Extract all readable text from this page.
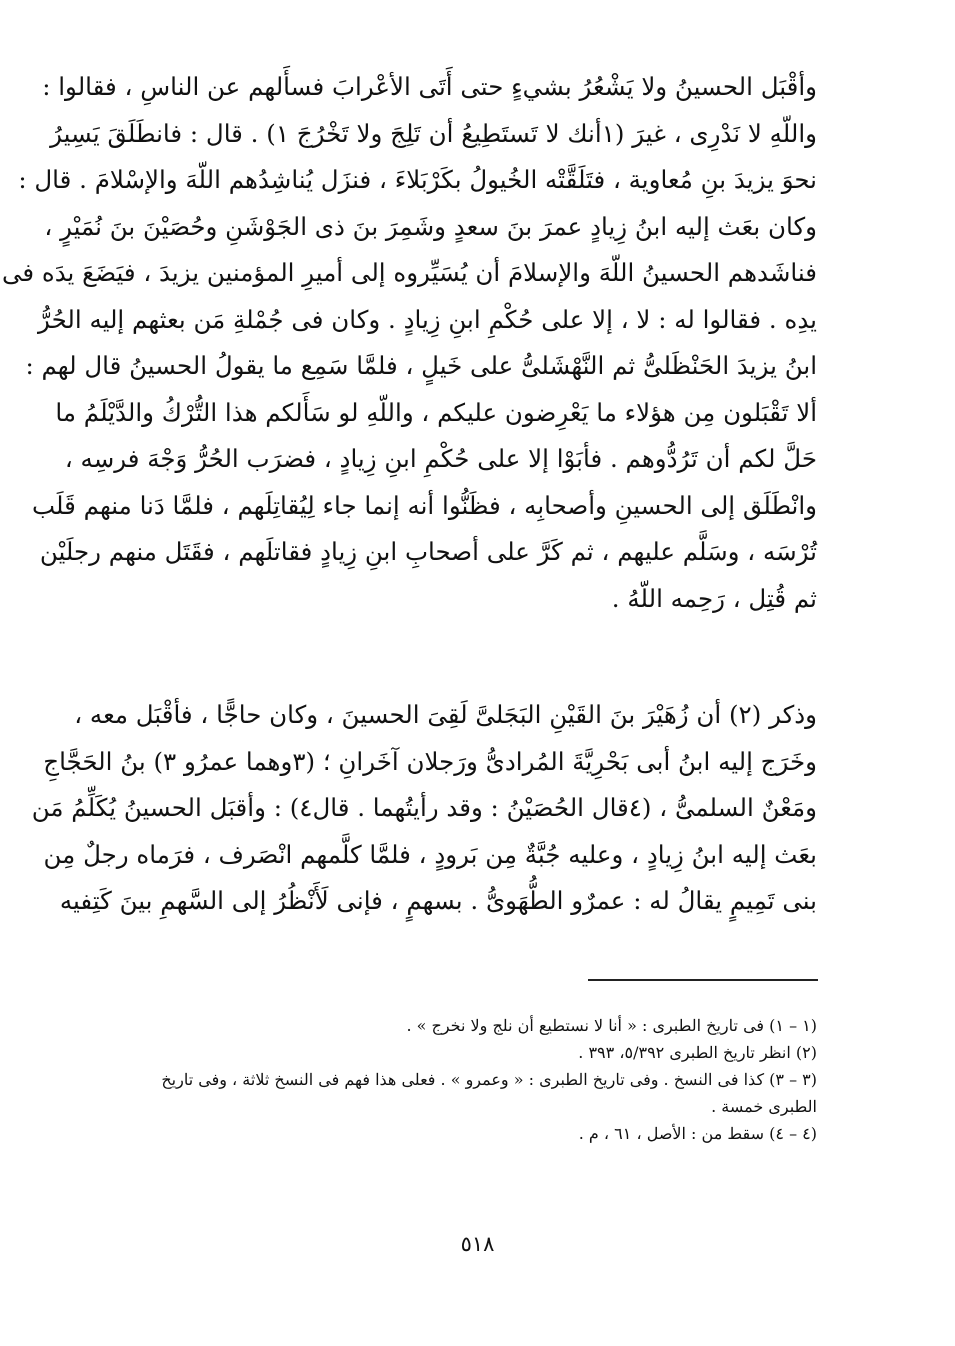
وأقْبَل الحسينُ ولا يَشْعُرُ بشيءٍ حتى أَتَى الأعْرابَ فسأَلهم عن الناسِ ، فقالوا :
واللّهِ لا نَدْرِى ، غيرَ (١أنك لا تَستَطِيعُ أن تَلِجَ ولا تَخْرُجَ ١) . قال : فانطَلَقَ يَسِيرُ
نحوَ يزيدَ بنِ مُعاوية ، فتَلَقَّتْه الخُيولُ بكَرْبَلاءَ ، فنزَل يُناشِدُهم اللّهَ والإسْلامَ . قال :
وكان بعَث إليه ابنُ زِيادٍ عمرَ بنَ سعدٍ وشَمِرَ بنَ ذى الجَوْشَنِ وحُصَيْنَ بنَ نُمَيْرٍ ،
فناشَدهم الحسينُ اللّهَ والإسلامَ أن يُسَيِّروه إلى أميرِ المؤمنين يزيدَ ، فيَضَعَ يدَه فى
يدِه . فقالوا له : لا ، إلا على حُكْمِ ابنِ زِيادٍ . وكان فى جُمْلةِ مَن بعثهم إليه الحُرُّ
ابنُ يزيدَ الحَنْظَلىُّ ثم النَّهْشَلىُّ على خَيلٍ ، فلمَّا سَمِع ما يقولُ الحسينُ قال لهم :
ألا تَقْبَلون مِن هؤلاء ما يَعْرِضون عليكم ، واللّهِ لو سَأَلكم هذا التُّرْكُ والدَّيْلَمُ ما
حَلَّ لكم أن تَرُدُّوهم . فأبَوْا إلا على حُكْمِ ابنِ زِيادٍ ، فضرَب الحُرُّ وَجْهَ فرسِه ،
وانْطَلَق إلى الحسينِ وأصحابِه ، فظَنُّوا أنه إنما جاء لِيُقاتِلَهم ، فلمَّا دَنا منهم قَلَب
تُرْسَه ، وسَلَّم عليهم ، ثم كَرَّ على أصحابِ ابنِ زِيادٍ فقاتلَهم ، فقَتَل منهم رجلَيْن
ثم قُتِل ، رَحِمه اللّهُ .
وذكر (٢) أن زُهَيْرَ بنَ القَيْنِ البَجَلىَّ لَقِىَ الحسينَ ، وكان حاجًّا ، فأقْبَل معه ،
وخَرَج إليه ابنُ أبى بَحْرِيَّةَ المُرادىُّ ورَجلان آخَرانِ ؛ (٣وهما عمرُو ٣) بنُ الحَجَّاجِ
ومَعْنٌ السلمىُّ ، (٤قال الحُصَيْنُ : وقد رأيتُهما . قال٤) : وأقبَل الحسينُ يُكَلِّمُ مَن
بعَث إليه ابنُ زِيادٍ ، وعليه جُبَّةٌ مِن بَرودٍ ، فلمَّا كلَّمهم انْصَرف ، فرَماه رجلٌ مِن
بنى تَمِيمٍ يقالُ له : عمرٌو الطُّهَوىُّ . بسهمٍ ، فإنى لَأَنْظُرُ إلى السَّهمِ بينَ كَتِفيه
(١ – ١) فى تاريخ الطبرى : « أنا لا نستطيع أن نلج ولا نخرج » .
(٢) انظر تاريخ الطبرى ٥/٣٩٢، ٣٩٣ .
(٣ – ٣) كذا فى النسخ . وفى تاريخ الطبرى : « وعمرو » . فعلى هذا فهم فى النسخ ثلاثة ، وفى تاريخ
الطبرى خمسة .
(٤ – ٤) سقط من : الأصل ، ٦١ ، م .
٥١٨
